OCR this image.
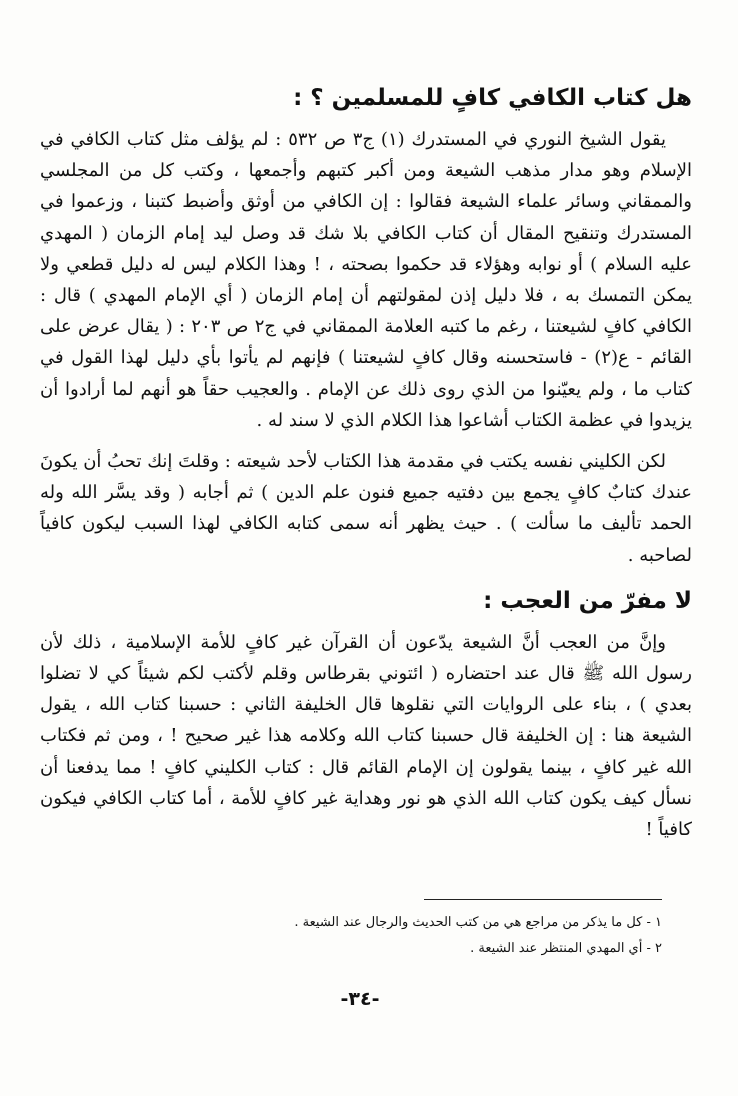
هل كتاب الكافي كافٍ للمسلمين ؟ :

يقول الشيخ النوري في المستدرك (١) ج٣ ص ٥٣٢ : لم يؤلف مثل كتاب الكافي في الإسلام وهو مدار مذهب الشيعة ومن أكبر كتبهم وأجمعها ، وكتب كل من المجلسي والممقاني وسائر علماء الشيعة فقالوا : إن الكافي من أوثق وأضبط كتبنا ، وزعموا في المستدرك وتنقيح المقال أن كتاب الكافي بلا شك قد وصل ليد إمام الزمان ( المهدي عليه السلام ) أو نوابه وهؤلاء قد حكموا بصحته ، ! وهذا الكلام ليس له دليل قطعي ولا يمكن التمسك به ، فلا دليل إذن لمقولتهم أن إمام الزمان ( أي الإمام المهدي ) قال : الكافي كافٍ لشيعتنا ، رغم ما كتبه العلامة الممقاني في ج٢ ص ٢٠٣ : ( يقال عرض على القائم - ع(٢) - فاستحسنه وقال كافٍ لشيعتنا ) فإنهم لم يأتوا بأي دليل لهذا القول في كتاب ما ، ولم يعيّنوا من الذي روى ذلك عن الإمام . والعجيب حقاً هو أنهم لما أرادوا أن يزيدوا في عظمة الكتاب أشاعوا هذا الكلام الذي لا سند له .

لكن الكليني نفسه يكتب في مقدمة هذا الكتاب لأحد شيعته : وقلتَ إنك تحبُ أن يكونَ عندك كتابٌ كافٍ يجمع بين دفتيه جميع فنون علم الدين ) ثم أجابه ( وقد يسَّر الله وله الحمد تأليف ما سألت ) . حيث يظهر أنه سمى كتابه الكافي لهذا السبب ليكون كافياً لصاحبه .

لا مفرّ من العجب :

وإنَّ من العجب أنَّ الشيعة يدّعون أن القرآن غير كافٍ للأمة الإسلامية ، ذلك لأن رسول الله ﷺ قال عند احتضاره ( ائتوني بقرطاس وقلم لأكتب لكم شيئاً كي لا تضلوا بعدي ) ، بناء على الروايات التي نقلوها قال الخليفة الثاني : حسبنا كتاب الله ، يقول الشيعة هنا : إن الخليفة قال حسبنا كتاب الله وكلامه هذا غير صحيح ! ، ومن ثم فكتاب الله غير كافٍ ، بينما يقولون إن الإمام القائم قال : كتاب الكليني كافٍ ! مما يدفعنا أن نسأل كيف يكون كتاب الله الذي هو نور وهداية غير كافٍ للأمة ، أما كتاب الكافي فيكون كافياً !

١ - كل ما يذكر من مراجع هي من كتب الحديث والرجال عند الشيعة .

٢ - أي المهدي المنتظر عند الشيعة .

-٣٤-
